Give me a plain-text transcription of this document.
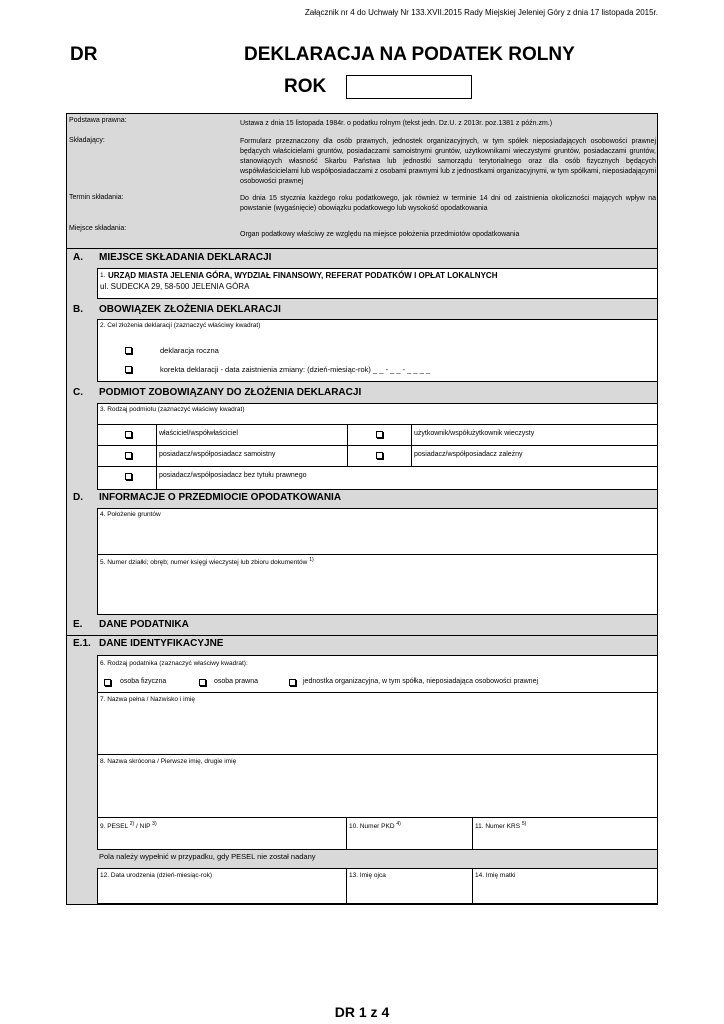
Załącznik nr 4 do Uchwały Nr 133.XVII.2015 Rady Miejskiej Jeleniej Góry z dnia 17 listopada 2015r.
DR	DEKLARACJA NA PODATEK ROLNY
ROK
Podstawa prawna:	Ustawa z dnia 15 listopada 1984r. o podatku rolnym (tekst jedn. Dz.U. z 2013r. poz.1381 z późn.zm.)
Składający:	Formularz przeznaczony dla osób prawnych, jednostek organizacyjnych, w tym spółek nieposiadających osobowości prawnej będących właścicielami gruntów, posiadaczami samoistnymi gruntów, użytkownikami wieczystymi gruntów, posiadaczami gruntów, stanowiących własność Skarbu Państwa lub jednostki samorządu terytorialnego oraz dla osób fizycznych będących współwłaścicielami lub współposiadaczami z osobami prawnymi lub z jednostkami organizacyjnymi, w tym spółkami, nieposiadającymi osobowości prawnej
Termin składania:	Do dnia 15 stycznia każdego roku podatkowego, jak również w terminie 14 dni od zaistnienia okoliczności mających wpływ na powstanie (wygaśnięcie) obowiązku podatkowego lub wysokość opodatkowania
Miejsce składania:
Organ podatkowy właściwy ze względu na miejsce położenia przedmiotów opodatkowania
A. MIEJSCE SKŁADANIA DEKLARACJI
1. URZĄD MIASTA JELENIA GÓRA, WYDZIAŁ FINANSOWY, REFERAT PODATKÓW I OPŁAT LOKALNYCH
ul. SUDECKA 29, 58-500 JELENIA GÓRA
B. OBOWIĄZEK ZŁOŻENIA DEKLARACJI
2. Cel złożenia deklaracji (zaznaczyć właściwy kwadrat)
deklaracja roczna
korekta deklaracji - data zaistnienia zmiany: (dzień-miesiąc-rok) _ _ - _ _ - _ _ _ _
C. PODMIOT ZOBOWIĄZANY DO ZŁOŻENIA DEKLARACJI
3. Rodzaj podmiotu (zaznaczyć właściwy kwadrat)
właściciel/współwłaściciel	użytkownik/współużytkownik wieczysty
posiadacz/współposiadacz samoistny	posiadacz/współposiadacz zależny
posiadacz/współposiadacz bez tytułu prawnego
D. INFORMACJE O PRZEDMIOCIE OPODATKOWANIA
4. Położenie gruntów
5. Numer działki; obręb; numer księgi wieczystej lub zbioru dokumentów $^{1)}$
E. DANE PODATNIKA
E.1. DANE IDENTYFIKACYJNE
6. Rodzaj podatnika (zaznaczyć właściwy kwadrat):
osoba fizyczna	osoba prawna	jednostka organizacyjna, w tym spółka, nieposiadająca osobowości prawnej
7. Nazwa pełna / Nazwisko i imię
8. Nazwa skrócona / Pierwsze imię, drugie imię
9. PESEL $^{2)}$ / NIP $^{3)}$	10. Numer PKD $^{4)}$	11. Numer KRS $^{5)}$
Pola należy wypełnić w przypadku, gdy PESEL nie został nadany
12. Data urodzenia (dzień-miesiąc-rok)	13. Imię ojca	14. Imię matki
DR 1 z 4
